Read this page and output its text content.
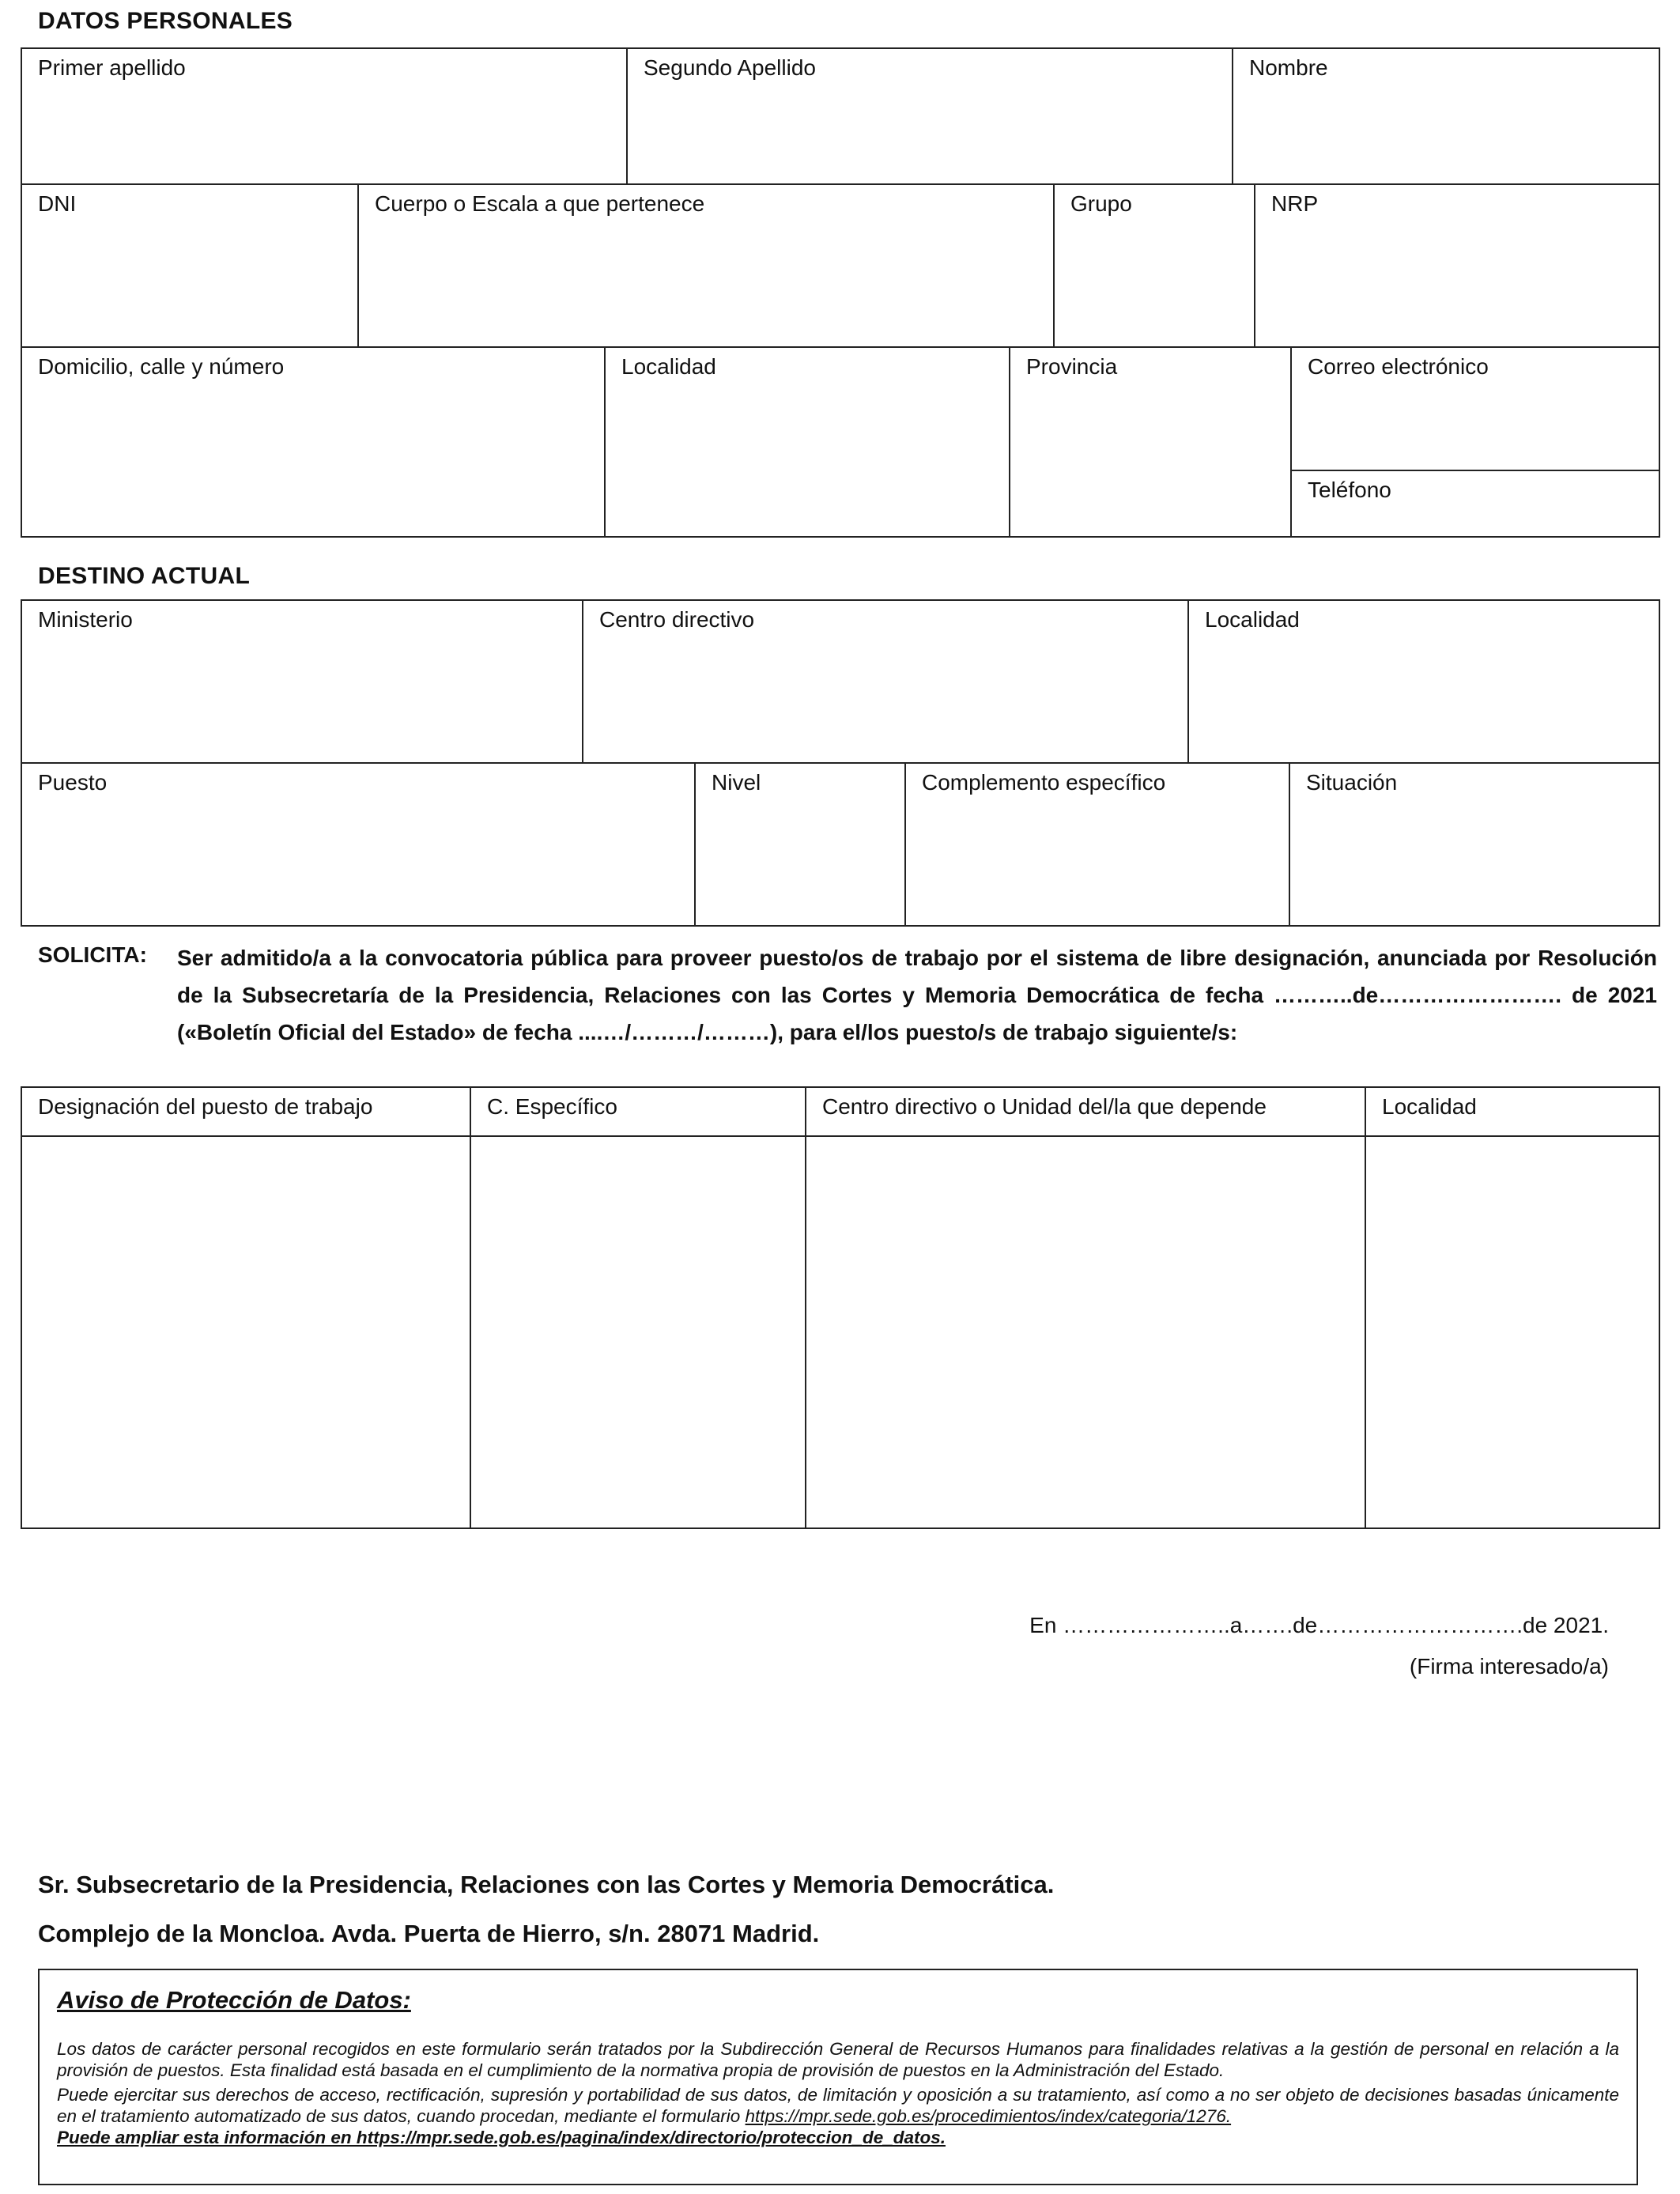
DATOS PERSONALES
Primer apellido	Segundo Apellido	Nombre
DNI	Cuerpo o Escala a que pertenece	Grupo	NRP
Domicilio, calle y número	Localidad	Provincia	Correo electrónico
Teléfono
DESTINO ACTUAL
Ministerio	Centro directivo	Localidad
Puesto	Nivel	Complemento específico	Situación
SOLICITA: Ser admitido/a a la convocatoria pública para proveer puesto/os de trabajo por el sistema de libre designación, anunciada por Resolución de la Subsecretaría de la Presidencia, Relaciones con las Cortes y Memoria Democrática de fecha ………..de……………………. de 2021 («Boletín Oficial del Estado» de fecha ....…/………/………), para el/los puesto/s de trabajo siguiente/s:
Designación del puesto de trabajo	C. Específico	Centro directivo o Unidad del/la que depende	Localidad
En …………………..a…….de……………………….de 2021.
(Firma interesado/a)
Sr. Subsecretario de la Presidencia, Relaciones con las Cortes y Memoria Democrática.
Complejo de la Moncloa. Avda. Puerta de Hierro, s/n. 28071 Madrid.
Aviso de Protección de Datos:

Los datos de carácter personal recogidos en este formulario serán tratados por la Subdirección General de Recursos Humanos para finalidades relativas a la gestión de personal en relación a la provisión de puestos. Esta finalidad está basada en el cumplimiento de la normativa propia de provisión de puestos en la Administración del Estado.

Puede ejercitar sus derechos de acceso, rectificación, supresión y portabilidad de sus datos, de limitación y oposición a su tratamiento, así como a no ser objeto de decisiones basadas únicamente en el tratamiento automatizado de sus datos, cuando procedan, mediante el formulario https://mpr.sede.gob.es/procedimientos/index/categoria/1276.

Puede ampliar esta información en https://mpr.sede.gob.es/pagina/index/directorio/proteccion_de_datos.
